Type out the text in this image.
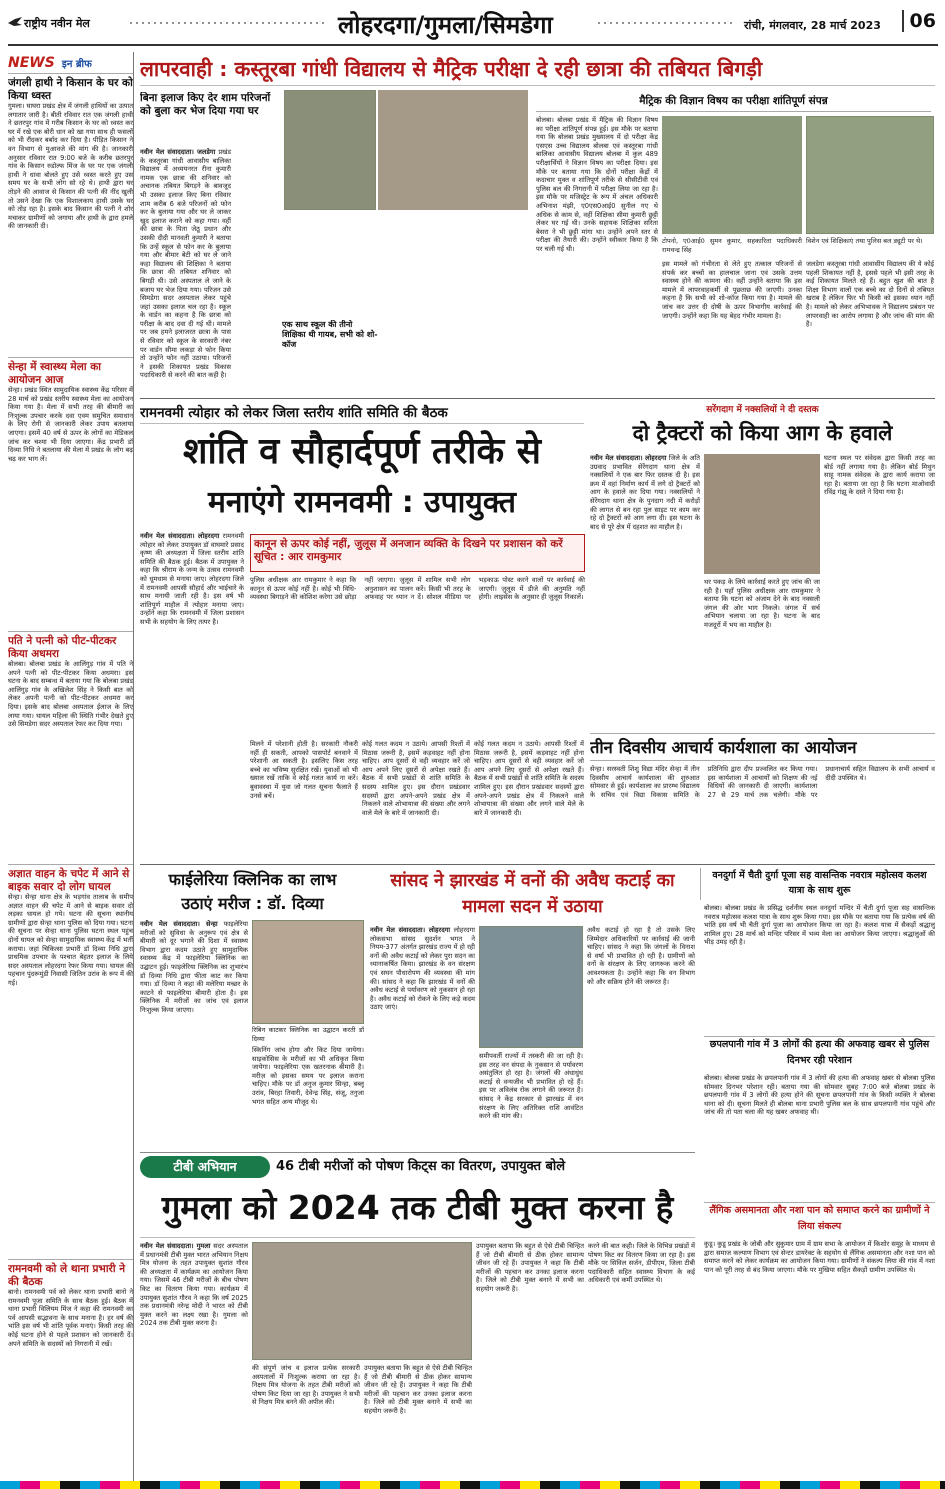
राष्ट्रीय नवीन मेल	लोहरदगा/गुमला/सिमडेगा	रांची, मंगलवार, 28 मार्च 2023	06
NEWS इन ब्रीफ
जंगली हाथी ने किसान के घर को किया ध्वस्त
गुमला। घाघरा प्रखंड क्षेत्र में जंगली हाथियों का उत्पात लगातार जारी है। बीती रविवार रात एक जंगली हाथी ने छतरपुर गांव में गरीब किसान के घर को ध्वस्त कर घर में रखे एक बोरी धान को खा गया साथ ही फसलों को भी रौंदकर बर्बाद कर दिया है। पीड़ित किसान ने वन विभाग से मुआवजे की मांग की है। जानकारी अनुसार रविवार रात 9:00 बजे के करीब छतरपुर गांव के किसान रुडोल्फ मिंज के घर पर एक जंगली हाथी ने धावा बोलते हुए उसे ध्वस्त करते हुए उस समय घर के सभी लोग सो रहे थे। हाथी द्वारा घर तोड़ने की आवाज से किसान की पत्नी की नींद खुली तो उसने देखा कि एक विशालकाय हाथी उसके घर को तोड़ रहा है। इसके बाद किसान की पत्नी ने शोर मचाकर ग्रामीणों को जगाया और हाथी के द्वारा हमले की जानकारी दी।
सेन्हा में स्वास्थ्य मेला का आयोजन आज
सेन्हा। प्रखंड स्थित सामुदायिक स्वास्थ्य केंद्र परिसर में 28 मार्च को प्रखंड स्तरीय स्वास्थ्य मेला का आयोजन किया गया है। मेला में सभी तरह की बीमारी का निःशुल्क उपचार करके दवा एवम समुचित समाधान के लिए रोगी से जानकारी लेकर उपाय बतलाया जाएगा। इसमें 40 वर्ष से ऊपर के लोगों का मेडिकल जांच कर चश्मा भी दिया जाएगा। केंद्र प्रभारी डॉ दिव्या निधि ने बतलाया की मेला में प्रखंड के लोग बढ़ चढ़ कर भाग लें।
पति ने पत्नी को पीट-पीटकर किया अधमरा
बोलबा। बोलबा प्रखंड के आलिंगुड़ गांव में पति ने अपने पत्नी को पीट-पीटकर किया अधमरा। इस घटना के बाद सम्बन्ध में बताया गया कि बोलबा प्रखंड आलिंगुड़ गांव के अखिलेश सिंह ने किसी बात को लेकर अपनी पत्नी को पीट-पीटकर अधमरा कर दिया। इसके बाद बोलबा अस्पताल ईलाज के लिए लाया गया। घायल महिला की स्थिति गंभीर देखते हुए उसे सिमडेगा सदर अस्पताल रेफर कर दिया गया।
अज्ञात वाहन के चपेट में आने से बाइक सवार दो लोग घायल
सेन्हा। सेन्हा थाना क्षेत्र के भड़गांव तालाब के समीप अज्ञात वाहन की चपेट में आने से बाइक सवार दो लड़का घायल हो गये। घटना की सूचना स्थानीय ग्रामीणों द्वारा सेन्हा थाना पुलिस को दिया गया। घटना की सूचना पर सेन्हा थाना पुलिस घटना स्थल पहुंच दोनों घायल को सेन्हा सामुदायिक स्वास्थ्य केंद्र में भर्ती कराया। जहां चिकित्सा प्रभारी डॉ दिव्या निधि द्वारा प्राथमिक उपचार के पश्चात बेहतर इलाज के लिये सदर अस्पताल लोहरदगा रेफर किया गया। घायल की पहचान पुंदरूमुंडी निवासी जितिन उरांव के रूप में की गई।
रामनवमी को ले थाना प्रभारी ने की बैठक
बानो। रामनवमी पर्व को लेकर थाना प्रभारी बानो ने रामनवमी पूजा समिति के साथ बैठक हुई। बैठक में थाना प्रभारी विलियम मिंज ने कहा की रामनवमी का पर्व आपसी सद्भावना के साथ मनाना है। हर वर्ष की भांति इस वर्ष भी शांति पूर्वक मनाएं। किसी तरह की कोई घटना होने से पहले प्रशासन को जानकारी दें। अपने समिति के सदस्यों को निगरानी में रखें।
लापरवाही : कस्तूरबा गांधी विद्यालय से मैट्रिक परीक्षा दे रही छात्रा की तबियत बिगड़ी
बिना इलाज किए देर शाम परिजनों को बुला कर भेज दिया गया घर
नवीन मेल संवाददाता। जलडेगा प्रखंड के कस्तूरबा गांधी आवासीय बालिका विद्यालय में अध्ययनरत रीना कुमारी नामक एक छात्रा की शनिवार को अचानक तबियत बिगड़ने के बावजूद भी उसका इलाज किए बिना रविवार शाम करीब 6 बजे परिजनों को फोन कर के बुलाया गया और घर ले जाकर खुद इलाज कराने को कहा गया। वहीं की छात्रा के पिता जेठू प्रधान और उसकी दीदी मानवती कुमारी ने बताया कि उन्हें स्कूल से फोन कर के बुलाया गया और बीमार बेटी को घर ले जाने कहा विद्यालय की शिक्षिका ने बताया कि छात्रा की तबियत शनिवार को बिगड़ी थी। उसे अस्पताल ले जाने के बजाय घर भेज दिया गया। परिजन उसे सिमडेगा सदर अस्पताल लेकर पहुंचे जहां उसका इलाज चल रहा है। स्कूल के वार्डन का कहना है कि छात्रा को परीक्षा के बाद दवा दी गई थी। मामले पर जब हमने इलाजरत छात्रा के पास से रविवार को स्कूल के सरकारी नंबर पर वार्डन सीमा लकड़ा से फोन किया तो उन्होंने फोन नहीं उठाया। परिजनों ने इसकी शिकायत प्रखंड विकास पदाधिकारी से करने की बात कही है।
एक साथ स्कूल की तीनो शिक्षिका थी गायब, सभी को शो-कॉज
मैट्रिक की विज्ञान विषय का परीक्षा शांतिपूर्ण संपन्न
बोलबा। बोलबा प्रखंड में मैट्रिक की विज्ञान विषय का परीक्षा शांतिपूर्ण संपन्न हुई। इस मौके पर बताया गया कि बोलबा प्रखंड मुख्यालय में दो परीक्षा केंद्र एसएस उच्च विद्यालय बोलबा एवं कस्तूरबा गांधी बालिका आवासीय विद्यालय बोलबा में कुल 489 परीक्षार्थियों ने विज्ञान विषय का परीक्षा दिया। इस मौके पर बताया गया कि दोनों परीक्षा केंद्रों में कदाचार मुक्त व शांतिपूर्ण तरीके से सीसीटीवी एवं पुलिस बल की निगरानी में परीक्षा लिया जा रहा है। इस मौके पर मजिस्ट्रेट के रूप में अंचल अधिकारी अभिनाश मंझी, ए0एस0आई0 सुनील गए थे अधिक से काम से, वहीं शिक्षिका सीमा कुमारी छुट्टी लेकर घर गई थी। उनके सहायक शिक्षिका सरिता बेसरा ने भी छुट्टी मांगा था। उन्होंने अपने स्तर से परीक्षा की तैयारी की। उन्होंने स्वीकार किया है कि पर चली गई थी।
टोपनो, ए0आई0 सुमन कुमार, सहकारिता पदाधिकारी रामचन्द्र सिंह
विशेन एवं शिक्षिकाएं तथा पुलिस बल ड्यूटी पर थे।
इस मामले को गंभीरता से लेते हुए तत्काल परिजनों से संपर्क कर बच्चों का हालचाल जाना एवं उसके उत्तम स्वास्थ्य होने की कामना की। वहीं उन्होंने बताया कि इस मामले में लापरवाहकर्मी से पूछताछ की जाएगी। उनका कहना है कि सभी को शो-कॉज किया गया है। मामले की जांच कर उत्तर दी दोषी के ऊपर विभागीय कार्रवाई की जाएगी। उन्होंने कहा कि यह बेहद गंभीर मामला है।
जलडेगा कस्तूरबा गांधी आवासीय विद्यालय की ये कोई पहली शिकायत नहीं है, इससे पहले भी इसी तरह के कई शिकायत मिलते रहे हैं। बहुत खुश की बात है शिक्षा विभाग वालों एक बच्चे का दो दिनों से तबियत खराब है लेकिन फिर भी किसी को इसका ध्यान नहीं है। मामले को लेकर अभिभावक ने विद्यालय प्रबंधन पर लापरवाही का आरोप लगाया है और जांच की मांग की है।
रामनवमी त्योहार को लेकर जिला स्तरीय शांति समिति की बैठक
शांति व सौहार्दपूर्ण तरीके से
मनाएंगे रामनवमी : उपायुक्त
नवीन मेल संवाददाता। लोहरदगा रामनवमी त्योहार को लेकर उपायुक्त डॉ वाघमारे प्रसाद कृष्ण की अध्यक्षता में जिला स्तरीय शांति समिति की बैठक हुई। बैठक में उपायुक्त ने कहा कि श्रीराम के जन्म के उत्सव रामनवमी को धूमधाम से मनाया जाए। लोहरदगा जिले में रामनवमी आपसी सौहार्द और भाईचारे के साथ मनायी जाती रही है। इस वर्ष भी शांतिपूर्ण माहौल में त्योहार मनाया जाए। उन्होंने कहा कि रामनवमी में जिला प्रशासन सभी के सहयोग के लिए तत्पर है।
कानून से ऊपर कोई नहीं, जुलूस में अनजान व्यक्ति के दिखने पर प्रशासन को करें सूचित : आर रामकुमार
पुलिस अधीक्षक आर रामकुमार ने कहा कि कानून से ऊपर कोई नहीं है। कोई भी विधि-व्यवस्था बिगाड़ने की कोशिश करेगा उसे छोड़ा नहीं जाएगा। जुलूस में शामिल सभी लोग अनुशासन का पालन करें। किसी भी तरह के अफवाह पर ध्यान न दें। सोशल मीडिया पर भड़काऊ पोस्ट करने वालों पर कार्रवाई की जाएगी। जुलूस में डीजे की अनुमति नहीं होगी। लाइसेंस के अनुसार ही जुलूस निकालें।
मिलने में परेशानी होती है। सरकारी नौकरी नहीं ही सकती, आपको पासपोर्ट बनवाने में परेशानी आ सकती है। इसलिए किस तरह बच्चे का भविष्य सुरक्षित रखें। युवाओं को भी ख्याल रखें ताकि वे कोई गलत कार्य ना करें। बुवावस्था में युवा जो गलत सूचना फैलाते हैं उनसे बचें।
कोई गलत कदम न उठाये। आपसी रिश्तों में मिठास जरूरी है, इसमें कड़वाहट नहीं होना चाहिए। आप दूसरों से वही व्यवहार करें जो आप अपने लिए दूसरों से अपेक्षा रखते हैं। बैठक में सभी प्रखंडों से शांति समिति के सदस्य शामिल हुए। इस दौरान प्रखंडवार सदस्यों द्वारा अपने-अपने प्रखंड क्षेत्र में निकलने वाले शोभायात्रा की संख्या और लगने वाले मेले के बारे में जानकारी दी।
कोई गलत कदम न उठाये। आपसी रिश्तों में मिठास जरूरी है, इसमें कड़वाहट नहीं होना चाहिए। आप दूसरों से वही व्यवहार करें जो आप अपने लिए दूसरों से अपेक्षा रखते हैं। बैठक में सभी प्रखंडों से शांति समिति के सदस्य शामिल हुए। इस दौरान प्रखंडवार सदस्यों द्वारा अपने-अपने प्रखंड क्षेत्र में निकलने वाले शोभायात्रा की संख्या और लगने वाले मेले के बारे में जानकारी दी।
सरेंगदाग में नक्सलियों ने दी दस्तक
दो ट्रैक्टरों को किया आग के हवाले
नवीन मेल संवाददाता। लोहरदगा जिले के अति उग्रवाद प्रभावित सेरेंगदाग थाना क्षेत्र में नक्सलियों ने एक बार फिर दस्तक दी है। इस क्रम में वहां निर्माण कार्य में लगे दो ट्रैक्टरों को आग के हवाले कर दिया गया। नक्सलियों ने सेरेंगदाग थाना क्षेत्र के पुनदाग नदी में करोड़ों की लागत से बन रहा पुल साइट पर काम कर रहे दो ट्रैक्टरों को आग लगा दी। इस घटना के बाद से पूरे क्षेत्र में दहशत का माहौल है।
थर पकड़ के लिये कार्रवाई करते हुए जांच की जा रही है। यहाँ पुलिस अधीक्षक आर रामकुमार ने बताया कि घटना को अंजाम देने के बाद नक्सली जंगल की ओर भाग निकले। जंगल में सर्च अभियान चलाया जा रहा है। घटना के बाद मजदूरों में भय का माहौल है।
घटना स्थल पर संवेदक द्वारा किसी तरह का बोर्ड नहीं लगाया गया है। लेकिन बोर्ड मिथुन साहू नामक संवेदक के द्वारा कार्य कराया जा रहा है। बताया जा रहा है कि घटना माओवादी रविंद्र गंझू के दस्ते ने दिया गया है।
तीन दिवसीय आचार्य कार्यशाला का आयोजन
सेन्हा। सरस्वती शिशु विद्या मंदिर सेन्हा में तीन दिवसीय आचार्य कार्यशाला की शुरुआत सोमवार से हुई। कार्यशाला का प्रारम्भ विद्यालय के सचिव एवं विद्या विकास समिति के प्रतिनिधि द्वारा दीप प्रज्वलित कर किया गया। इस कार्यशाला में आचार्यों को शिक्षण की नई विधियों की जानकारी दी जाएगी। कार्यशाला 27 से 29 मार्च तक चलेगी। मौके पर प्रधानाचार्य सहित विद्यालय के सभी आचार्य व दीदी उपस्थित थे।
फाईलेरिया क्लिनिक का लाभ
उठाएं मरीज : डॉ. दिव्या
नवीन मेल संवाददाता। सेन्हा फाइलेरिया मरीजों को सुविधा के अनुरूप एवं क्षेत्र से बीमारी को दूर भगाने की दिशा में स्वास्थ्य विभाग द्वारा कदम उठाते हुए सामुदायिक स्वास्थ्य केंद्र में फाइलेरिया क्लिनिक का उद्घाटन हुई। फाइलेरिया क्लिनिक का शुभारंभ डॉ दिव्या निधि द्वारा फीता काट कर किया गया। डॉ दिव्या ने कहा की मलेरिया मच्छर के काटने से फाइलेरिया बीमारी होता है। इस क्लिनिक में मरीजों का जांच एवं इलाज निःशुल्क किया जाएगा।
रिबिन काटकर क्लिनिक का उद्घाटन करती डॉ दिव्या
स्किनिंग जांच होगा और किट दिया जायेगा। साइकोसिस के मरीजों का भी अधिकृत किया जायेगा। फाइलेरिया एक खतरनाक बीमारी है। मरीज़ को इसका समय पर इलाज कराना चाहिए। मौके पर डॉ अनुज कुमार सिन्हा, बब्लू उरांव, बिरहा तिवारी, देवेन्द्र सिंह, संजू, तनुजा भगत सहित अन्य मौजूद थे।
सांसद ने झारखंड में वनों की अवैध कटाई का मामला सदन में उठाया
नवीन मेल संवाददाता। लोहरदगा लोहरदगा लोकसभा सांसद सुदर्शन भगत ने नियम-377 अंतर्गत झारखंड राज्य में हो रही वनों की अवैध कटाई को लेकर पुरा सदन का ध्यानाकर्षित किया। झारखंड के वन संरक्षण एवं सघन पौधारोपण की व्यवस्था की मांग की। सांसद ने कहा कि झारखंड में वनों की अवैध कटाई से पर्यावरण को नुकसान हो रहा है। अवैध कटाई को रोकने के लिए कड़े कदम उठाए जाएं।
समीपवर्ती राज्यों में तस्करी की जा रही है। इस तरह वन संपदा के नुकसान से पर्यावरण असंतुलित हो रहा है। जंगलों की अंधाधुंध कटाई से वन्यजीव भी प्रभावित हो रहे हैं। इस पर अविलंब रोक लगाने की जरूरत है। सांसद ने केंद्र सरकार से झारखंड में वन संरक्षण के लिए अतिरिक्त राशि आवंटित करने की मांग की।
अवैध कटाई हो रहा है तो उसके लिए जिम्मेदार अधिकारियों पर कार्रवाई की जानी चाहिए। सांसद ने कहा कि जंगलों के विनाश से वर्षा भी प्रभावित हो रही है। ग्रामीणों को वनों के संरक्षण के लिए जागरूक करने की आवश्यकता है। उन्होंने कहा कि वन विभाग को और सक्रिय होने की जरूरत है।
वनदुर्गा में चैती दुर्गा पूजा सह वासन्तिक नवरात्र महोत्सव कलश यात्रा के साथ शुरू
बोलबा। बोलबा प्रखंड के प्रसिद्ध दर्शनीय स्थल वनदुर्गा मन्दिर में चैती दुर्गा पूजा सह वासन्तिक नवरात्र महोत्सव कलश यात्रा के साथ शुरू किया गया। इस मौके पर बताया गया कि प्रत्येक वर्ष की भांति इस वर्ष भी चैती दुर्गा पूजा का आयोजन किया जा रहा है। कलश यात्रा में सैकड़ों श्रद्धालु शामिल हुए। 28 मार्च को मन्दिर परिसर में भव्य मेला का आयोजन किया जाएगा। श्रद्धालुओं की भीड़ उमड़ रही है।
छपलपानी गांव में 3 लोगों की हत्या की अफवाह खबर से पुलिस दिनभर रही परेशान
बोलबा। बोलबा प्रखंड के छपलपानी गांव में 3 लोगों की हत्या की अफवाह खबर से बोलबा पुलिस सोमवार दिनभर परेशान रही। बताया गया की सोमवार सुबह 7:00 बजे बोलबा प्रखंड के छपलपानी गांव में 3 लोगों की हत्या होने की सूचना छपलपानी गांव के किसी व्यक्ति ने बोलबा थाना को दी। सूचना मिलते ही बोलबा थाना प्रभारी पुलिस बल के साथ छपलपानी गांव पहुंचे और जांच की तो पता चला की यह खबर अफवाह थी।
लैंगिक असमानता और नशा पान को समाप्त करने का ग्रामीणों ने लिया संकल्प
कुडू। कुडू प्रखंड के जोबी और सुकुमार ग्राम में ग्राम सभा के आयोजन में किशोर समूह के माध्यम से द्वारा समाज कल्याण विभाग एवं सेन्टर डायरेक्ट के सहयोग से लैंगिक असमानता और नशा पान को समाप्त करने को लेकर कार्यक्रम का आयोजन किया गया। ग्रामीणों ने संकल्प लिया की गांव में नशा पान को पूरी तरह से बंद किया जाएगा। मौके पर मुखिया सहित सैकड़ों ग्रामीण उपस्थित थे।
टीबी अभियान	46 टीबी मरीजों को पोषण किट्स का वितरण, उपायुक्त बोले
गुमला को 2024 तक टीबी मुक्त करना है
नवीन मेल संवाददाता। गुमला सदर अस्पताल में प्रधानमंत्री टीबी मुक्त भारत अभियान निक्षय मित्र योजना के तहत उपायुक्त सुशांत गौरव की अध्यक्षता में कार्यक्रम का आयोजन किया गया। जिसमें 46 टीबी मरीजों के बीच पोषण किट का वितरण किया गया। कार्यक्रम में उपायुक्त सुशांत गौरव ने कहा कि वर्ष 2025 तक प्रधानमंत्री नरेन्द्र मोदी ने भारत को टीबी मुक्त करने का लक्ष्य रखा है। गुमला को 2024 तक टीबी मुक्त करना है।
की संपूर्ण जांच व इलाज प्रत्येक सरकारी अस्पतालों में निःशुल्क कराया जा रहा है। निक्षय मित्र योजना के तहत टीबी मरीजों को पोषण किट दिया जा रहा है। उपायुक्त ने सभी से निक्षय मित्र बनने की अपील की।
उपायुक्त बताया कि बहुत से ऐसे टीबी चिन्हित हैं जो टीबी बीमारी से ठीक होकर सामान्य जीवन जी रहे हैं। उपायुक्त ने कहा कि टीबी मरीजों की पहचान कर उनका इलाज करना है। जिले को टीबी मुक्त बनाने में सभी का सहयोग जरूरी है।
उपायुक्त बताया कि बहुत से ऐसे टीबी चिन्हित हैं जो टीबी बीमारी से ठीक होकर सामान्य जीवन जी रहे हैं। उपायुक्त ने कहा कि टीबी मरीजों की पहचान कर उनका इलाज करना है। जिले को टीबी मुक्त बनाने में सभी का सहयोग जरूरी है।
करने की बात कही। जिले के विभिन्न प्रखंडों में पोषण किट का वितरण किया जा रहा है। इस मौके पर सिविल सर्जन, डीपीएम, जिला टीबी पदाधिकारी सहित स्वास्थ्य विभाग के कई अधिकारी एवं कर्मी उपस्थित थे।
